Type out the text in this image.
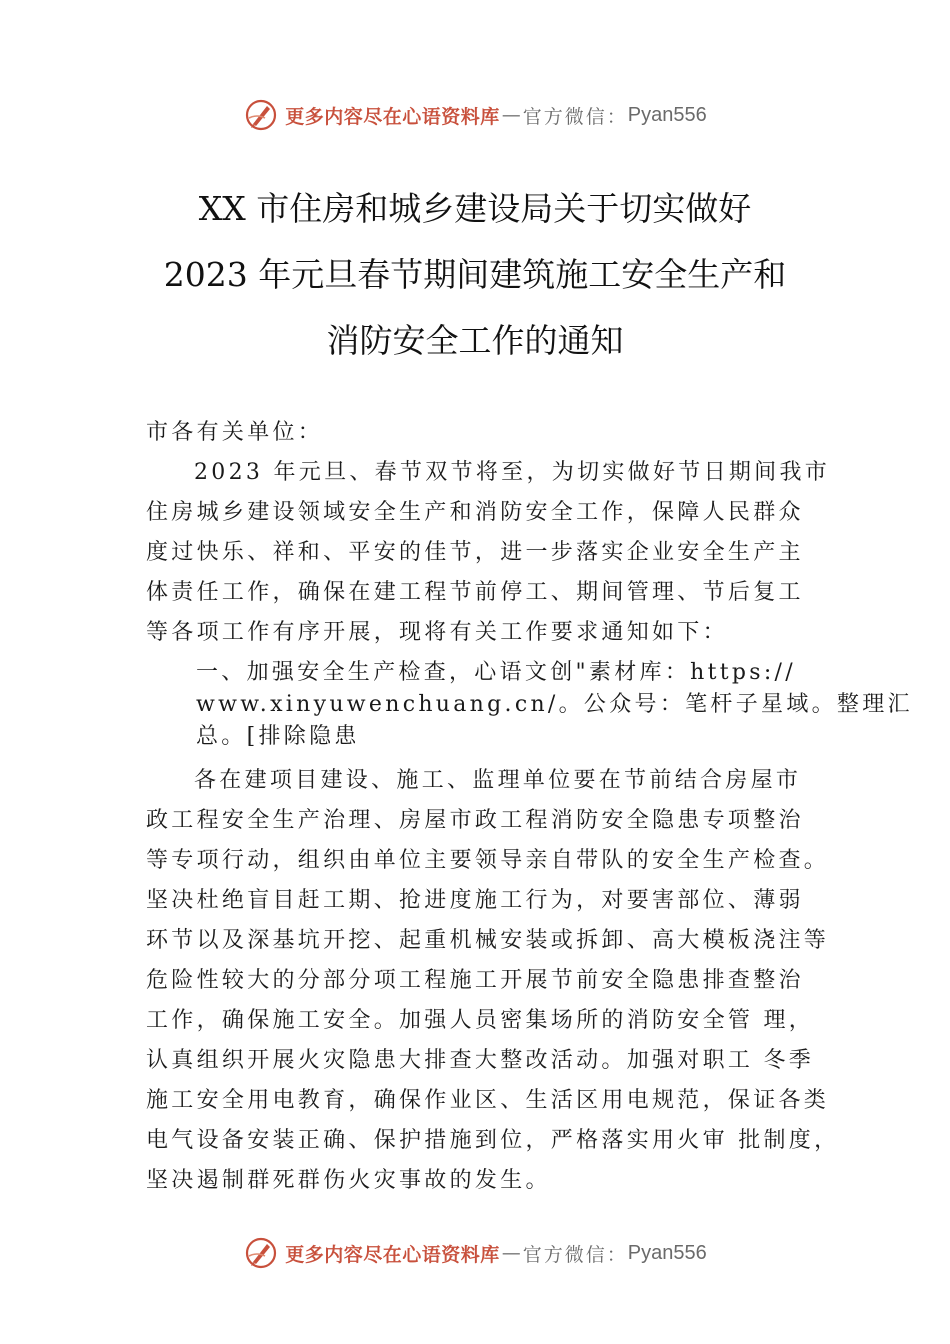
更多内容尽在心语资料库 — 官方微信： Pyan556
XX 市住房和城乡建设局关于切实做好
2023 年元旦春节期间建筑施工安全生产和
消防安全工作的通知
市各有关单位：
2023 年元旦、春节双节将至，为切实做好节日期间我市
住房城乡建设领域安全生产和消防安全工作，保障人民群众
度过快乐、祥和、平安的佳节，进一步落实企业安全生产主
体责任工作，确保在建工程节前停工、期间管理、节后复工
等各项工作有序开展，现将有关工作要求通知如下：
一、加强安全生产检查，心语文创"素材库：https://
www.xinyuwenchuang.cn/。公众号：笔杆子星域。整理汇
总。[排除隐患
各在建项目建设、施工、监理单位要在节前结合房屋市
政工程安全生产治理、房屋市政工程消防安全隐患专项整治
等专项行动，组织由单位主要领导亲自带队的安全生产检查。
坚决杜绝盲目赶工期、抢进度施工行为，对要害部位、薄弱
环节以及深基坑开挖、起重机械安装或拆卸、高大模板浇注等
危险性较大的分部分项工程施工开展节前安全隐患排查整治
工作，确保施工安全。加强人员密集场所的消防安全管 理，
认真组织开展火灾隐患大排查大整改活动。加强对职工 冬季
施工安全用电教育，确保作业区、生活区用电规范，保证各类
电气设备安装正确、保护措施到位，严格落实用火审 批制度，
坚决遏制群死群伤火灾事故的发生。
更多内容尽在心语资料库 — 官方微信： Pyan556
